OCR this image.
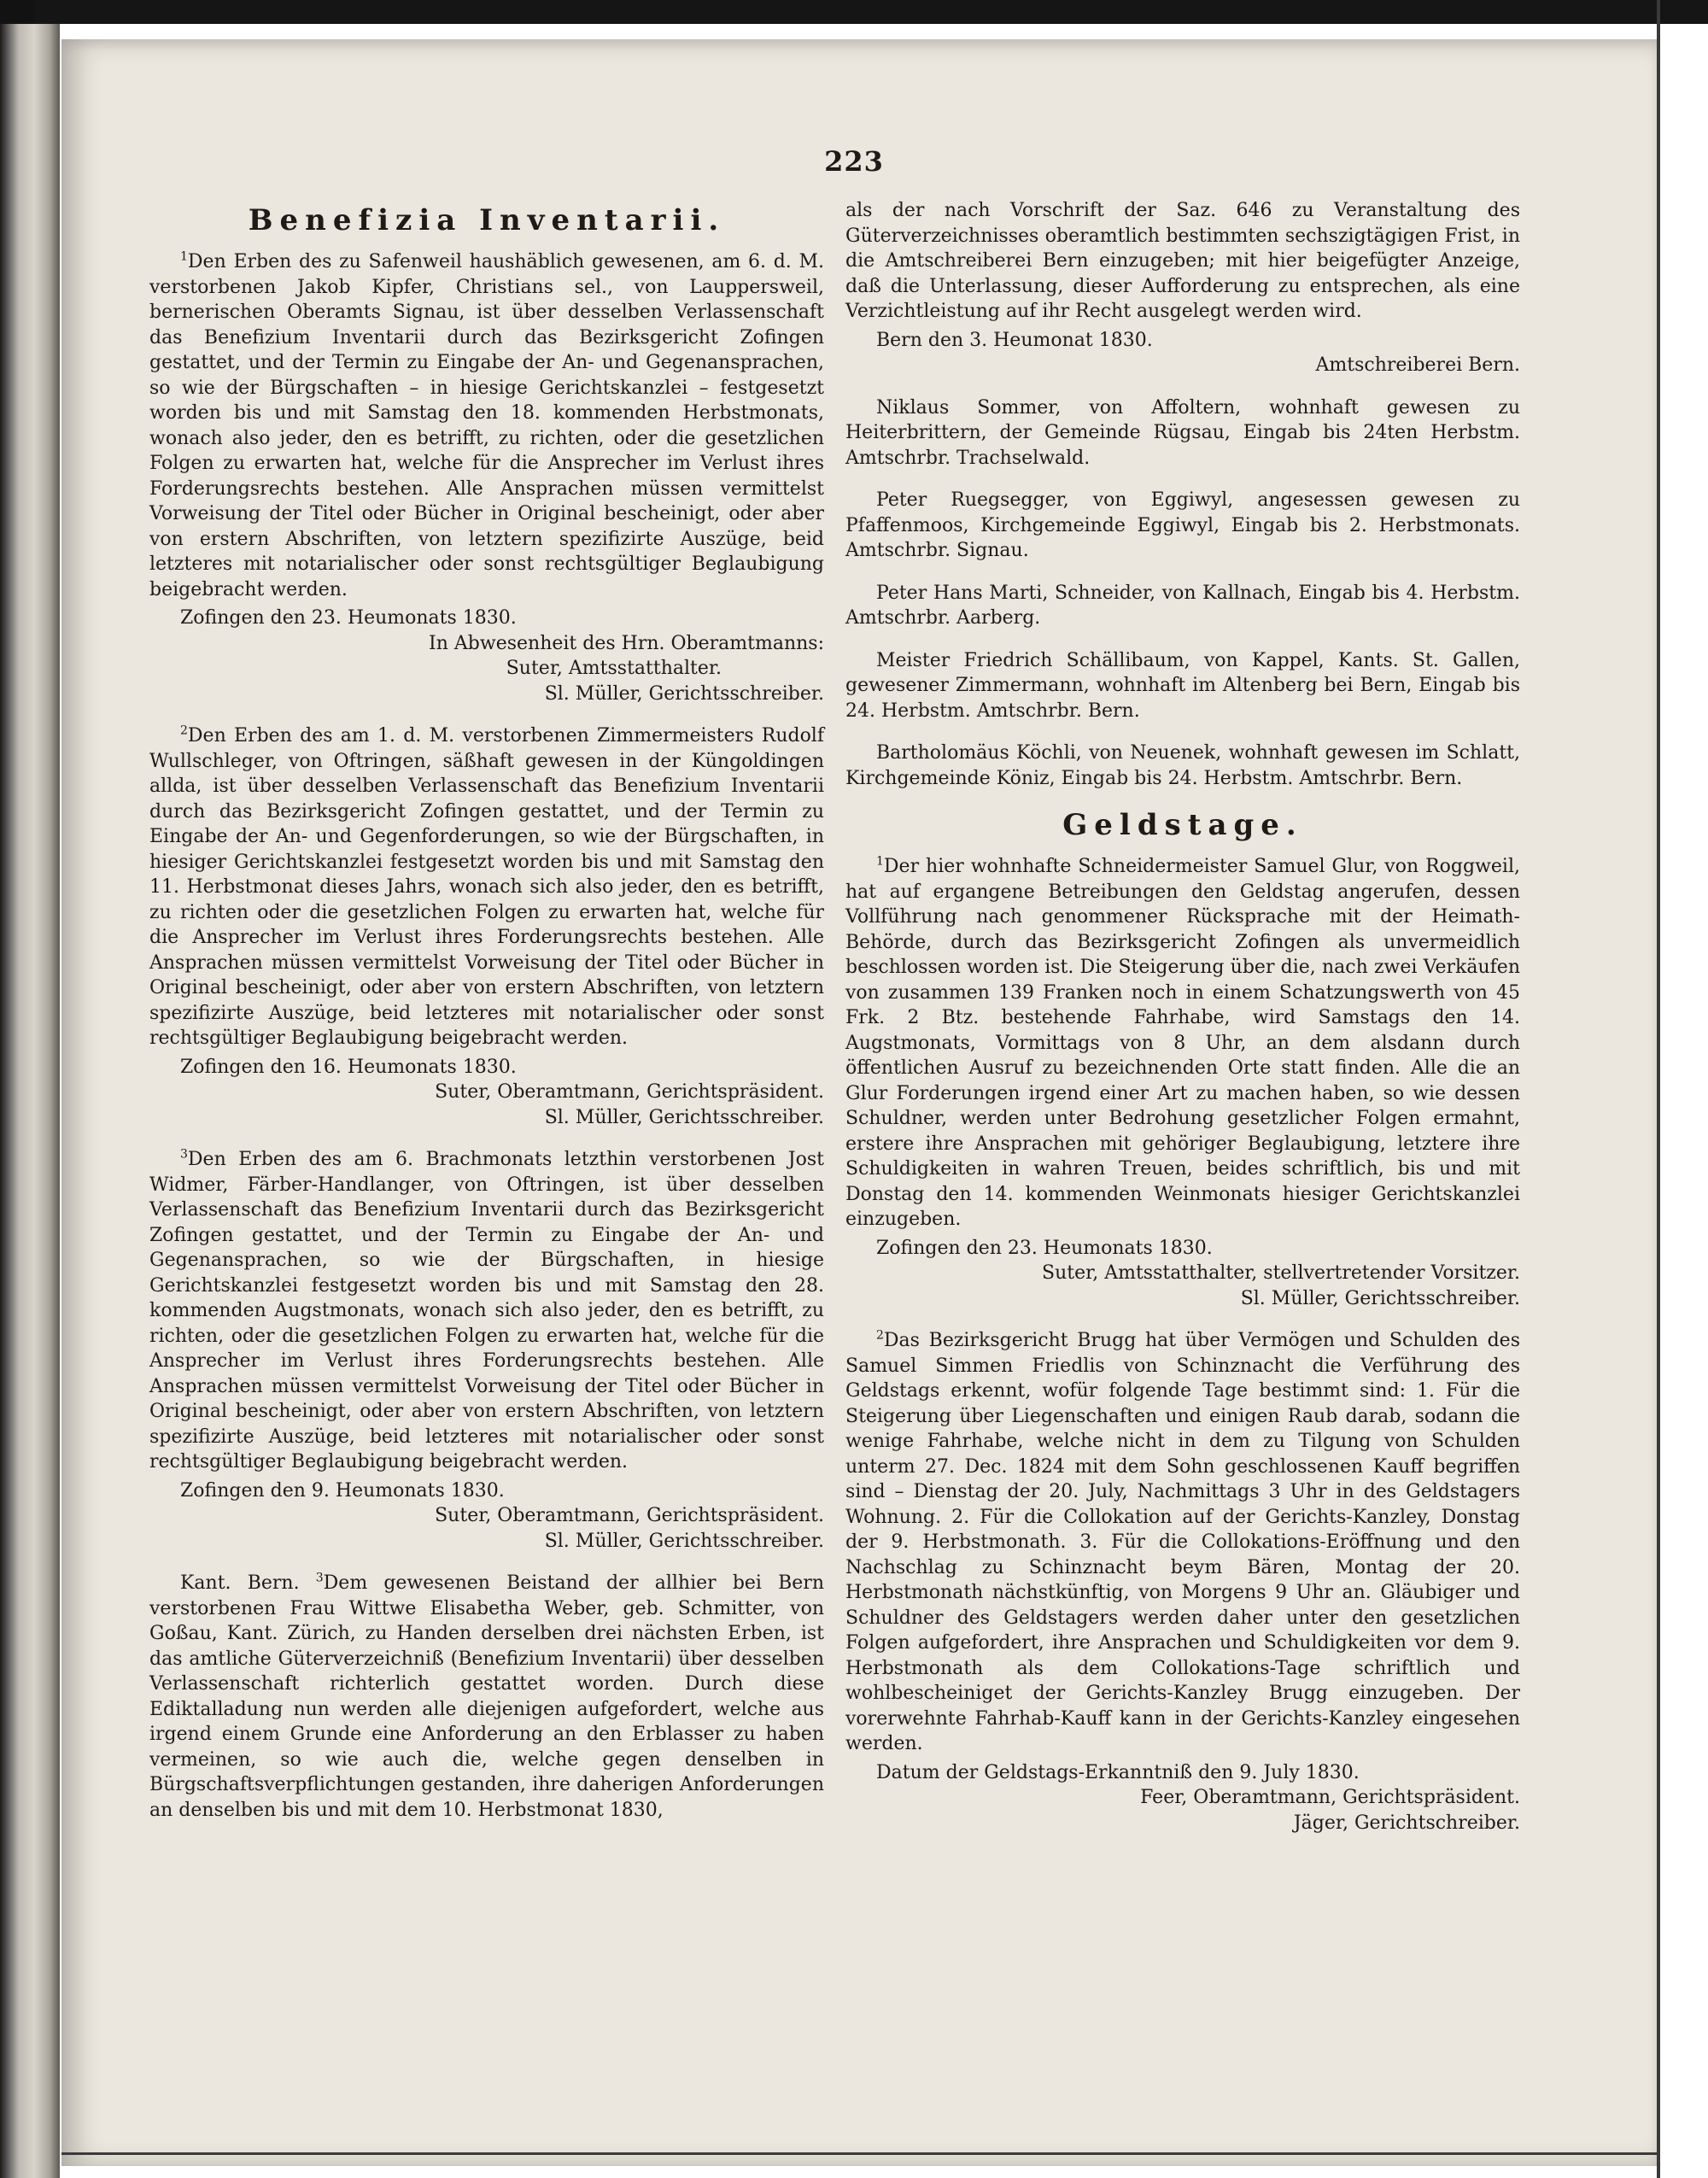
223
Benefizia Inventarii.

$^1$Den Erben des zu Safenweil haushäblich gewesenen, am 6. d. M. verstorbenen Jakob Kipfer, Christians sel., von Lauppersweil, bernerischen Oberamts Signau, ist über desselben Verlassenschaft das Benefizium Inventarii durch das Bezirksgericht Zofingen gestattet, und der Termin zu Eingabe der An- und Gegenansprachen, so wie der Bürgschaften – in hiesige Gerichtskanzlei – festgesetzt worden bis und mit Samstag den 18. kommenden Herbstmonats, wonach also jeder, den es betrifft, zu richten, oder die gesetzlichen Folgen zu erwarten hat, welche für die Ansprecher im Verlust ihres Forderungsrechts bestehen. Alle Ansprachen müssen vermittelst Vorweisung der Titel oder Bücher in Original bescheinigt, oder aber von erstern Abschriften, von letztern spezifizirte Auszüge, beid letzteres mit notarialischer oder sonst rechtsgültiger Beglaubigung beigebracht werden.

Zofingen den 23. Heumonats 1830.

In Abwesenheit des Hrn. Oberamtmanns:

Suter, Amtsstatthalter.

Sl. Müller, Gerichtsschreiber.

$^2$Den Erben des am 1. d. M. verstorbenen Zimmermeisters Rudolf Wullschleger, von Oftringen, säßhaft gewesen in der Küngoldingen allda, ist über desselben Verlassenschaft das Benefizium Inventarii durch das Bezirksgericht Zofingen gestattet, und der Termin zu Eingabe der An- und Gegenforderungen, so wie der Bürgschaften, in hiesiger Gerichtskanzlei festgesetzt worden bis und mit Samstag den 11. Herbstmonat dieses Jahrs, wonach sich also jeder, den es betrifft, zu richten oder die gesetzlichen Folgen zu erwarten hat, welche für die Ansprecher im Verlust ihres Forderungsrechts bestehen. Alle Ansprachen müssen vermittelst Vorweisung der Titel oder Bücher in Original bescheinigt, oder aber von erstern Abschriften, von letztern spezifizirte Auszüge, beid letzteres mit notarialischer oder sonst rechtsgültiger Beglaubigung beigebracht werden.

Zofingen den 16. Heumonats 1830.

Suter, Oberamtmann, Gerichtspräsident.

Sl. Müller, Gerichtsschreiber.

$^3$Den Erben des am 6. Brachmonats letzthin verstorbenen Jost Widmer, Färber-Handlanger, von Oftringen, ist über desselben Verlassenschaft das Benefizium Inventarii durch das Bezirksgericht Zofingen gestattet, und der Termin zu Eingabe der An- und Gegenansprachen, so wie der Bürgschaften, in hiesige Gerichtskanzlei festgesetzt worden bis und mit Samstag den 28. kommenden Augstmonats, wonach sich also jeder, den es betrifft, zu richten, oder die gesetzlichen Folgen zu erwarten hat, welche für die Ansprecher im Verlust ihres Forderungsrechts bestehen. Alle Ansprachen müssen vermittelst Vorweisung der Titel oder Bücher in Original bescheinigt, oder aber von erstern Abschriften, von letztern spezifizirte Auszüge, beid letzteres mit notarialischer oder sonst rechtsgültiger Beglaubigung beigebracht werden.

Zofingen den 9. Heumonats 1830.

Suter, Oberamtmann, Gerichtspräsident.

Sl. Müller, Gerichtsschreiber.

Kant. Bern. $^3$Dem gewesenen Beistand der allhier bei Bern verstorbenen Frau Wittwe Elisabetha Weber, geb. Schmitter, von Goßau, Kant. Zürich, zu Handen derselben drei nächsten Erben, ist das amtliche Güterverzeichniß (Benefizium Inventarii) über desselben Verlassenschaft richterlich gestattet worden. Durch diese Ediktalladung nun werden alle diejenigen aufgefordert, welche aus irgend einem Grunde eine Anforderung an den Erblasser zu haben vermeinen, so wie auch die, welche gegen denselben in Bürgschaftsverpflichtungen gestanden, ihre daherigen Anforderungen an denselben bis und mit dem 10. Herbstmonat 1830,

als der nach Vorschrift der Saz. 646 zu Veranstaltung des Güterverzeichnisses oberamtlich bestimmten sechszigtägigen Frist, in die Amtschreiberei Bern einzugeben; mit hier beigefügter Anzeige, daß die Unterlassung, dieser Aufforderung zu entsprechen, als eine Verzichtleistung auf ihr Recht ausgelegt werden wird.

Bern den 3. Heumonat 1830.

Amtschreiberei Bern.

Niklaus Sommer, von Affoltern, wohnhaft gewesen zu Heiterbrittern, der Gemeinde Rügsau, Eingab bis 24ten Herbstm. Amtschrbr. Trachselwald.

Peter Ruegsegger, von Eggiwyl, angesessen gewesen zu Pfaffenmoos, Kirchgemeinde Eggiwyl, Eingab bis 2. Herbstmonats. Amtschrbr. Signau.

Peter Hans Marti, Schneider, von Kallnach, Eingab bis 4. Herbstm. Amtschrbr. Aarberg.

Meister Friedrich Schällibaum, von Kappel, Kants. St. Gallen, gewesener Zimmermann, wohnhaft im Altenberg bei Bern, Eingab bis 24. Herbstm. Amtschrbr. Bern.

Bartholomäus Köchli, von Neuenek, wohnhaft gewesen im Schlatt, Kirchgemeinde Köniz, Eingab bis 24. Herbstm. Amtschrbr. Bern.

Geldstage.

$^1$Der hier wohnhafte Schneidermeister Samuel Glur, von Roggweil, hat auf ergangene Betreibungen den Geldstag angerufen, dessen Vollführung nach genommener Rücksprache mit der Heimath-Behörde, durch das Bezirksgericht Zofingen als unvermeidlich beschlossen worden ist. Die Steigerung über die, nach zwei Verkäufen von zusammen 139 Franken noch in einem Schatzungswerth von 45 Frk. 2 Btz. bestehende Fahrhabe, wird Samstags den 14. Augstmonats, Vormittags von 8 Uhr, an dem alsdann durch öffentlichen Ausruf zu bezeichnenden Orte statt finden. Alle die an Glur Forderungen irgend einer Art zu machen haben, so wie dessen Schuldner, werden unter Bedrohung gesetzlicher Folgen ermahnt, erstere ihre Ansprachen mit gehöriger Beglaubigung, letztere ihre Schuldigkeiten in wahren Treuen, beides schriftlich, bis und mit Donstag den 14. kommenden Weinmonats hiesiger Gerichtskanzlei einzugeben.

Zofingen den 23. Heumonats 1830.

Suter, Amtsstatthalter, stellvertretender Vorsitzer.

Sl. Müller, Gerichtsschreiber.

$^2$Das Bezirksgericht Brugg hat über Vermögen und Schulden des Samuel Simmen Friedlis von Schinznacht die Verführung des Geldstags erkennt, wofür folgende Tage bestimmt sind: 1. Für die Steigerung über Liegenschaften und einigen Raub darab, sodann die wenige Fahrhabe, welche nicht in dem zu Tilgung von Schulden unterm 27. Dec. 1824 mit dem Sohn geschlossenen Kauff begriffen sind – Dienstag der 20. July, Nachmittags 3 Uhr in des Geldstagers Wohnung. 2. Für die Collokation auf der Gerichts-Kanzley, Donstag der 9. Herbstmonath. 3. Für die Collokations-Eröffnung und den Nachschlag zu Schinznacht beym Bären, Montag der 20. Herbstmonath nächstkünftig, von Morgens 9 Uhr an. Gläubiger und Schuldner des Geldstagers werden daher unter den gesetzlichen Folgen aufgefordert, ihre Ansprachen und Schuldigkeiten vor dem 9. Herbstmonath als dem Collokations-Tage schriftlich und wohlbescheiniget der Gerichts-Kanzley Brugg einzugeben. Der vorerwehnte Fahrhab-Kauff kann in der Gerichts-Kanzley eingesehen werden.

Datum der Geldstags-Erkanntniß den 9. July 1830.

Feer, Oberamtmann, Gerichtspräsident.

Jäger, Gerichtschreiber.
